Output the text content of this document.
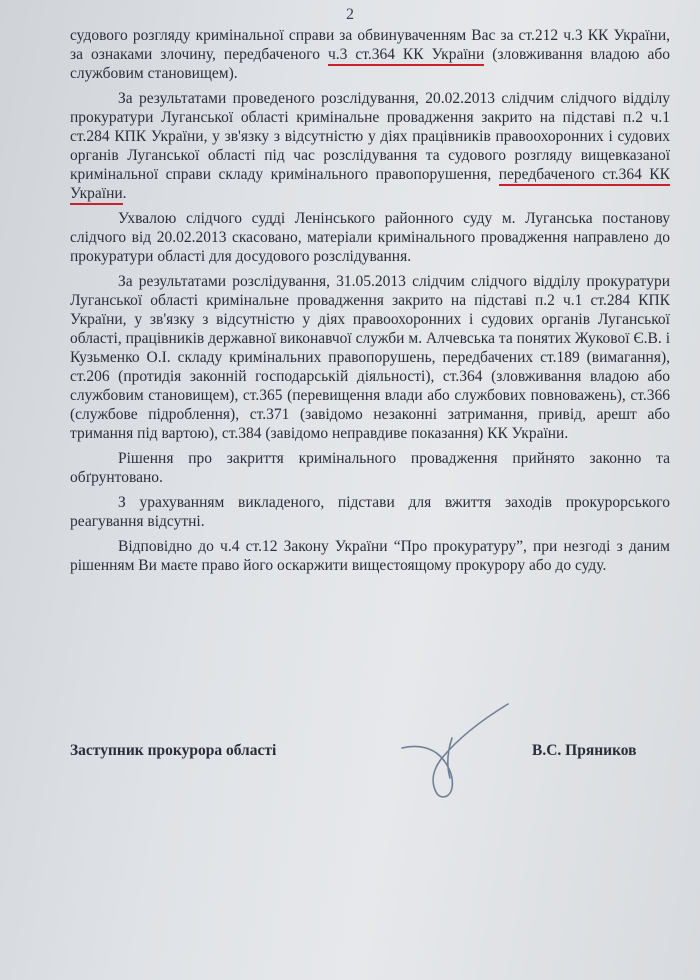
2

судового розгляду кримінальної справи за обвинуваченням Вас за ст.212 ч.3 КК України, за ознаками злочину, передбаченого ч.3 ст.364 КК України (зловживання владою або службовим становищем).

За результатами проведеного розслідування, 20.02.2013 слідчим слідчого відділу прокуратури Луганської області кримінальне провадження закрито на підставі п.2 ч.1 ст.284 КПК України, у зв'язку з відсутністю у діях працівників правоохоронних і судових органів Луганської області під час розслідування та судового розгляду вищевказаної кримінальної справи складу кримінального правопорушення, передбаченого ст.364 КК України.

Ухвалою слідчого судді Ленінського районного суду м. Луганська постанову слідчого від 20.02.2013 скасовано, матеріали кримінального провадження направлено до прокуратури області для досудового розслідування.

За результатами розслідування, 31.05.2013 слідчим слідчого відділу прокуратури Луганської області кримінальне провадження закрито на підставі п.2 ч.1 ст.284 КПК України, у зв'язку з відсутністю у діях правоохоронних і судових органів Луганської області, працівників державної виконавчої служби м. Алчевська та понятих Жукової Є.В. і Кузьменко О.І. складу кримінальних правопорушень, передбачених ст.189 (вимагання), ст.206 (протидія законній господарській діяльності), ст.364 (зловживання владою або службовим становищем), ст.365 (перевищення влади або службових повноважень), ст.366 (службове підроблення), ст.371 (завідомо незаконні затримання, привід, арешт або тримання під вартою), ст.384 (завідомо неправдиве показання) КК України.

Рішення про закриття кримінального провадження прийнято законно та обґрунтовано.

З урахуванням викладеного, підстави для вжиття заходів прокурорського реагування відсутні.

Відповідно до ч.4 ст.12 Закону України “Про прокуратуру”, при незгоді з даним рішенням Ви маєте право його оскаржити вищестоящому прокурору або до суду.

Заступник прокурора області	В.С. Пряников
